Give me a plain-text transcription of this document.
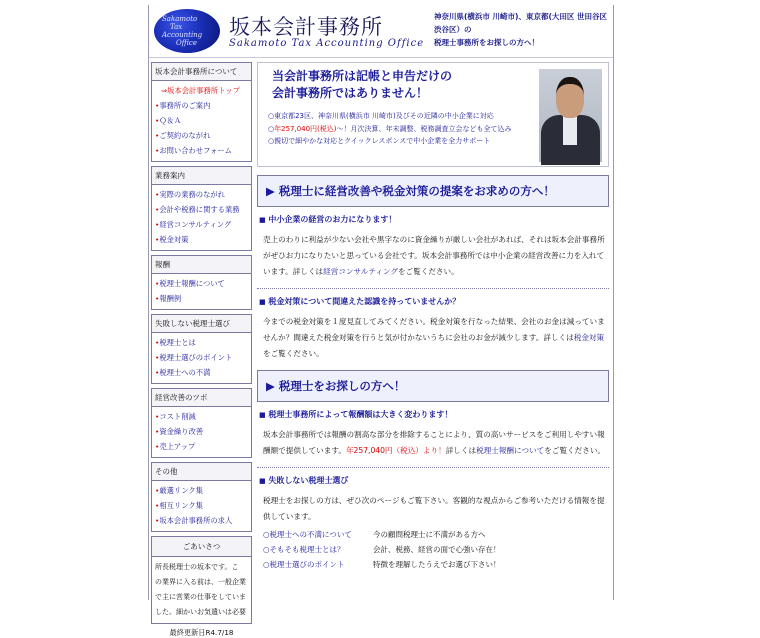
Sakamoto
Tax
Accounting
Office
坂本会計事務所
Sakamoto Tax Accounting Office
神奈川県(横浜市 川崎市)、東京都(大田区 世田谷区 渋谷区）の
税理士事務所をお探しの方へ！
坂本会計事務所について
⇒坂本会計事務所トップ
•事務所のご案内
•Ｑ＆Ａ
•ご契約のながれ
•お問い合わせフォーム
業務案内
•実際の業務のながれ
•会計や税務に関する業務
•経営コンサルティング
•税金対策
報酬
•税理士報酬について
•報酬例
失敗しない税理士選び
•税理士とは
•税理士選びのポイント
•税理士への不満
経営改善のツボ
•コスト削減
•資金繰り改善
•売上アップ
その他
•厳選リンク集
•相互リンク集
•坂本会計事務所の求人
ごあいさつ
所長税理士の坂本です。こ
の業界に入る前は、一般企業
で主に営業の仕事をしていま
した。細かいお気遣いは必要
最終更新日R4.7/18
当会計事務所は記帳と申告だけの
会計事務所ではありません！
○東京都23区、神奈川県(横浜市 川崎市)及びその近隣の中小企業に対応
○年257,040円(税込)～！月次決算、年末調整、税務調査立会なども全て込み
○親切で細やかな対応とクイックレスポンスで中小企業を全力サポート
▶ 税理士に経営改善や税金対策の提案をお求めの方へ！
■ 中小企業の経営のお力になります！
売上のわりに利益が少ない会社や黒字なのに資金繰りが厳しい会社があれば、それは坂本会計事務所がぜひお力になりたいと思っている会社です。坂本会計事務所では中小企業の経営改善に力を入れています。詳しくは経営コンサルティングをご覧ください。
■ 税金対策について間違えた認識を持っていませんか？
今までの税金対策を１度見直してみてください。税金対策を行なった結果、会社のお金は減っていませんか？間違えた税金対策を行うと気が付かないうちに会社のお金が減少します。詳しくは税金対策をご覧ください。
▶ 税理士をお探しの方へ！
■ 税理士事務所によって報酬額は大きく変わります！
坂本会計事務所では報酬の割高な部分を排除することにより、質の高いサービスをご利用しやすい報酬額で提供しています。年257,040円（税込）より！詳しくは税理士報酬についてをご覧ください。
■ 失敗しない税理士選び
税理士をお探しの方は、ぜひ次のページもご覧下さい。客観的な視点からご参考いただける情報を提供しています。
○税理士への不満について	今の顧問税理士に不満がある方へ
○そもそも税理士とは？	会計、税務、経営の面で心強い存在！
○税理士選びのポイント	特徴を理解したうえでお選び下さい！
